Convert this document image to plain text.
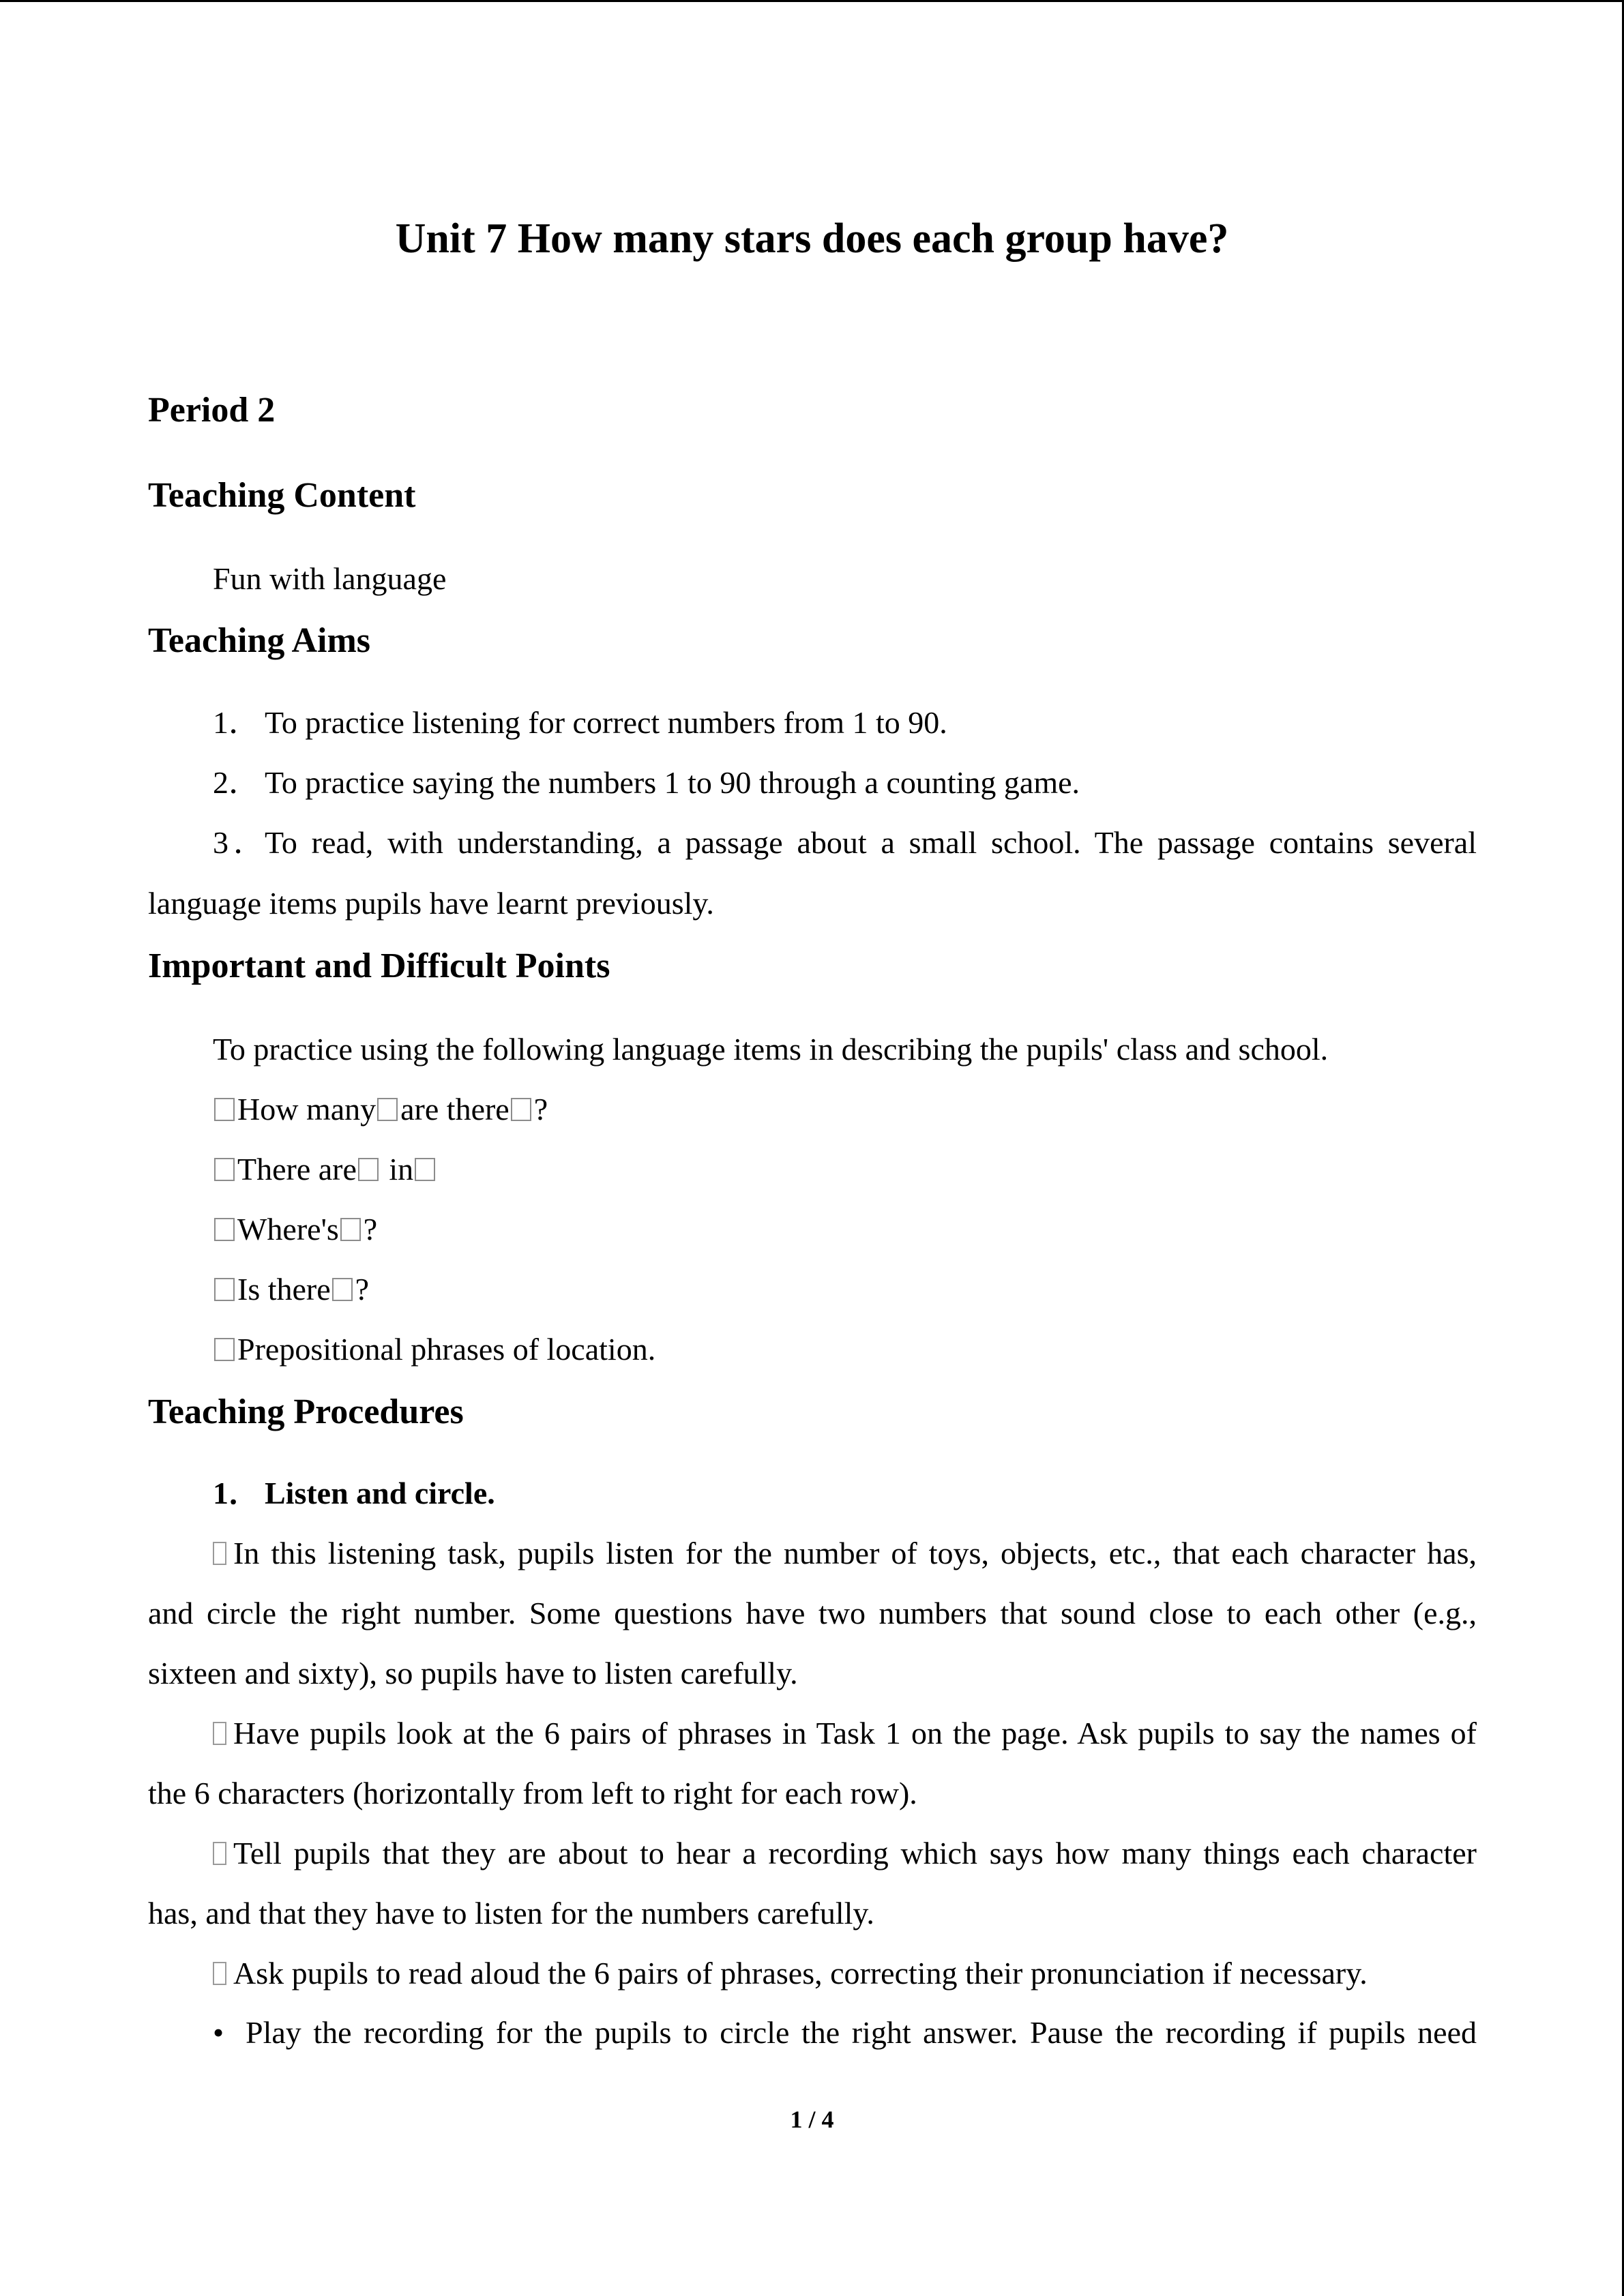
Unit 7 How many stars does each group have?
Period 2
Teaching Content
Fun with language
Teaching Aims
1． To practice listening for correct numbers from 1 to 90.
2． To practice saying the numbers 1 to 90 through a counting game.
3．To read, with understanding, a passage about a small school. The passage contains several
language items pupils have learnt previously.
Important and Difficult Points
To practice using the following language items in describing the pupils' class and school.
How many are there ?
There are in
Where's ?
Is there ?
Prepositional phrases of location.
Teaching Procedures
1． Listen and circle.
In this listening task, pupils listen for the number of toys, objects, etc., that each character has,
and circle the right number. Some questions have two numbers that sound close to each other (e.g.,
sixteen and sixty), so pupils have to listen carefully.
Have pupils look at the 6 pairs of phrases in Task 1 on the page. Ask pupils to say the names of
the 6 characters (horizontally from left to right for each row).
Tell pupils that they are about to hear a recording which says how many things each character
has, and that they have to listen for the numbers carefully.
Ask pupils to read aloud the 6 pairs of phrases, correcting their pronunciation if necessary.
• Play the recording for the pupils to circle the right answer. Pause the recording if pupils need
1 / 4
